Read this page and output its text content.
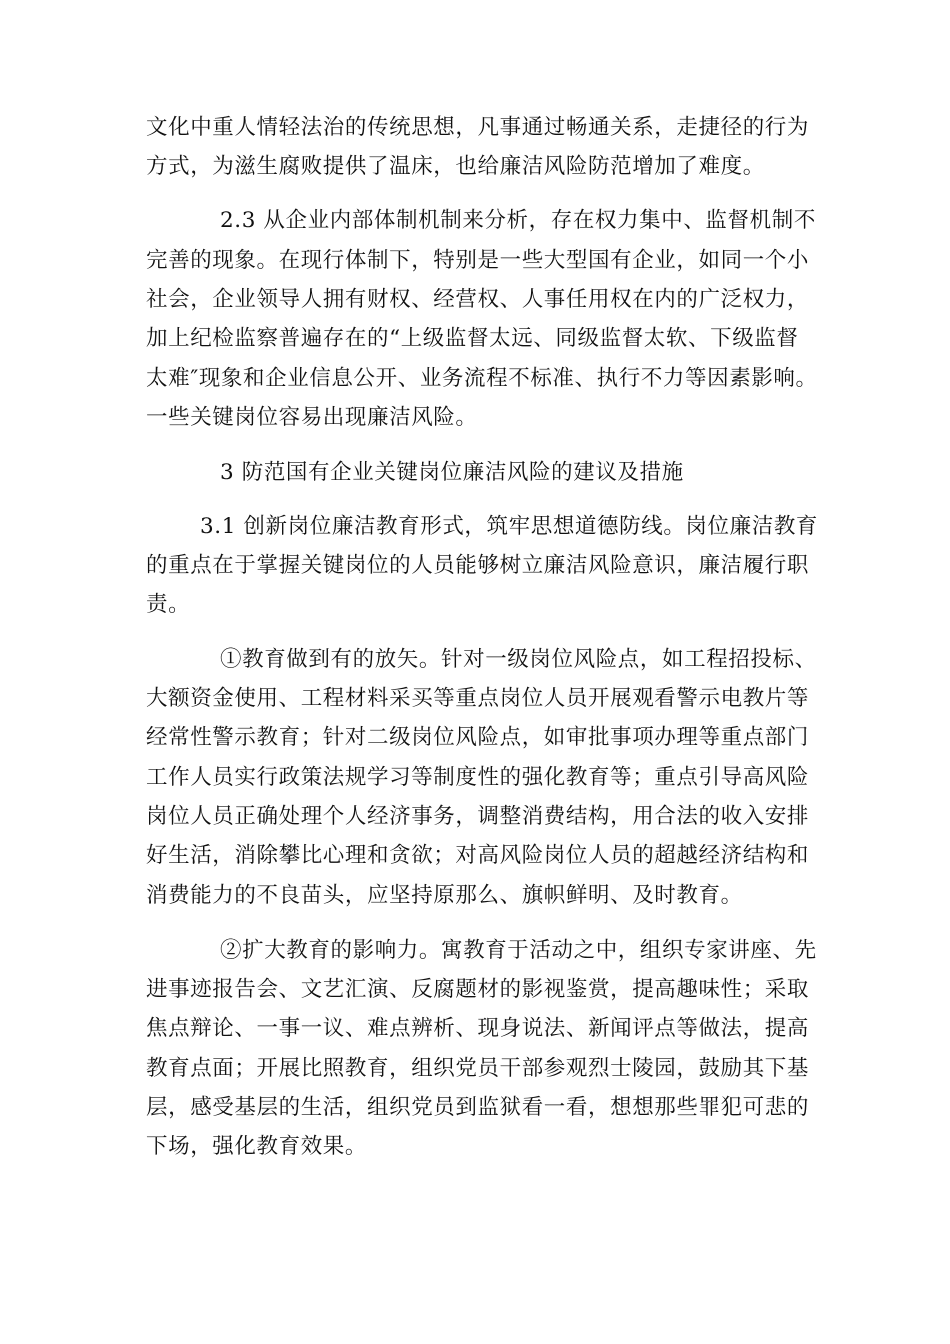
文化中重人情轻法治的传统思想，凡事通过畅通关系，走捷径的行为

方式，为滋生腐败提供了温床，也给廉洁风险防范增加了难度。

2.3 从企业内部体制机制来分析，存在权力集中、监督机制不

完善的现象。在现行体制下，特别是一些大型国有企业，如同一个小

社会，企业领导人拥有财权、经营权、人事任用权在内的广泛权力，

加上纪检监察普遍存在的“上级监督太远、同级监督太软、下级监督

太难″现象和企业信息公开、业务流程不标准、执行不力等因素影响。

一些关键岗位容易出现廉洁风险。

3 防范国有企业关键岗位廉洁风险的建议及措施

3.1 创新岗位廉洁教育形式，筑牢思想道德防线。岗位廉洁教育

的重点在于掌握关键岗位的人员能够树立廉洁风险意识，廉洁履行职

责。

①教育做到有的放矢。针对一级岗位风险点，如工程招投标、

大额资金使用、工程材料采买等重点岗位人员开展观看警示电教片等

经常性警示教育；针对二级岗位风险点，如审批事项办理等重点部门

工作人员实行政策法规学习等制度性的强化教育等；重点引导高风险

岗位人员正确处理个人经济事务，调整消费结构，用合法的收入安排

好生活，消除攀比心理和贪欲；对高风险岗位人员的超越经济结构和

消费能力的不良苗头，应坚持原那么、旗帜鲜明、及时教育。

②扩大教育的影响力。寓教育于活动之中，组织专家讲座、先

进事迹报告会、文艺汇演、反腐题材的影视鉴赏，提高趣味性；采取

焦点辩论、一事一议、难点辨析、现身说法、新闻评点等做法，提高

教育点面；开展比照教育，组织党员干部参观烈士陵园，鼓励其下基

层，感受基层的生活，组织党员到监狱看一看，想想那些罪犯可悲的

下场，强化教育效果。
